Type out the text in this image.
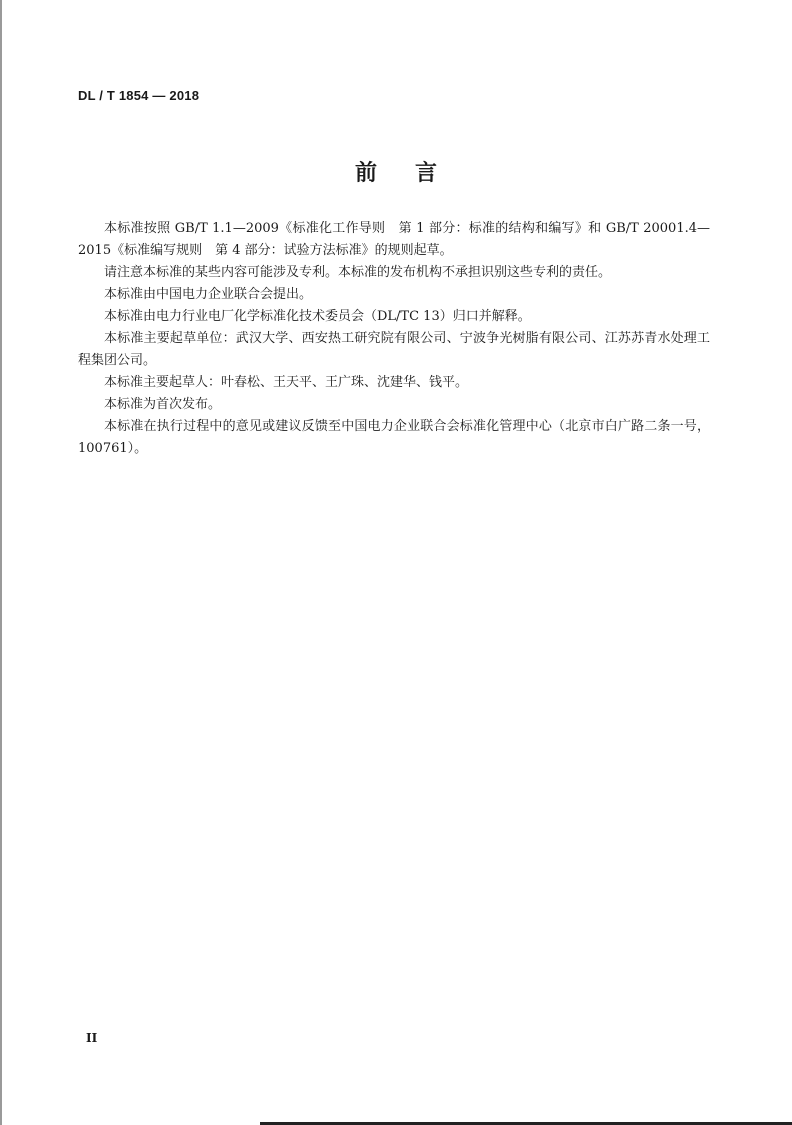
DL / T 1854 — 2018
前言

本标准按照 GB/T 1.1—2009《标准化工作导则　第 1 部分：标准的结构和编写》和 GB/T 20001.4—2015《标准编写规则　第 4 部分：试验方法标准》的规则起草。

请注意本标准的某些内容可能涉及专利。本标准的发布机构不承担识别这些专利的责任。

本标准由中国电力企业联合会提出。

本标准由电力行业电厂化学标准化技术委员会（DL/TC 13）归口并解释。

本标准主要起草单位：武汉大学、西安热工研究院有限公司、宁波争光树脂有限公司、江苏苏青水处理工程集团公司。

本标准主要起草人：叶春松、王天平、王广珠、沈建华、钱平。

本标准为首次发布。

本标准在执行过程中的意见或建议反馈至中国电力企业联合会标准化管理中心（北京市白广路二条一号，100761）。

II
